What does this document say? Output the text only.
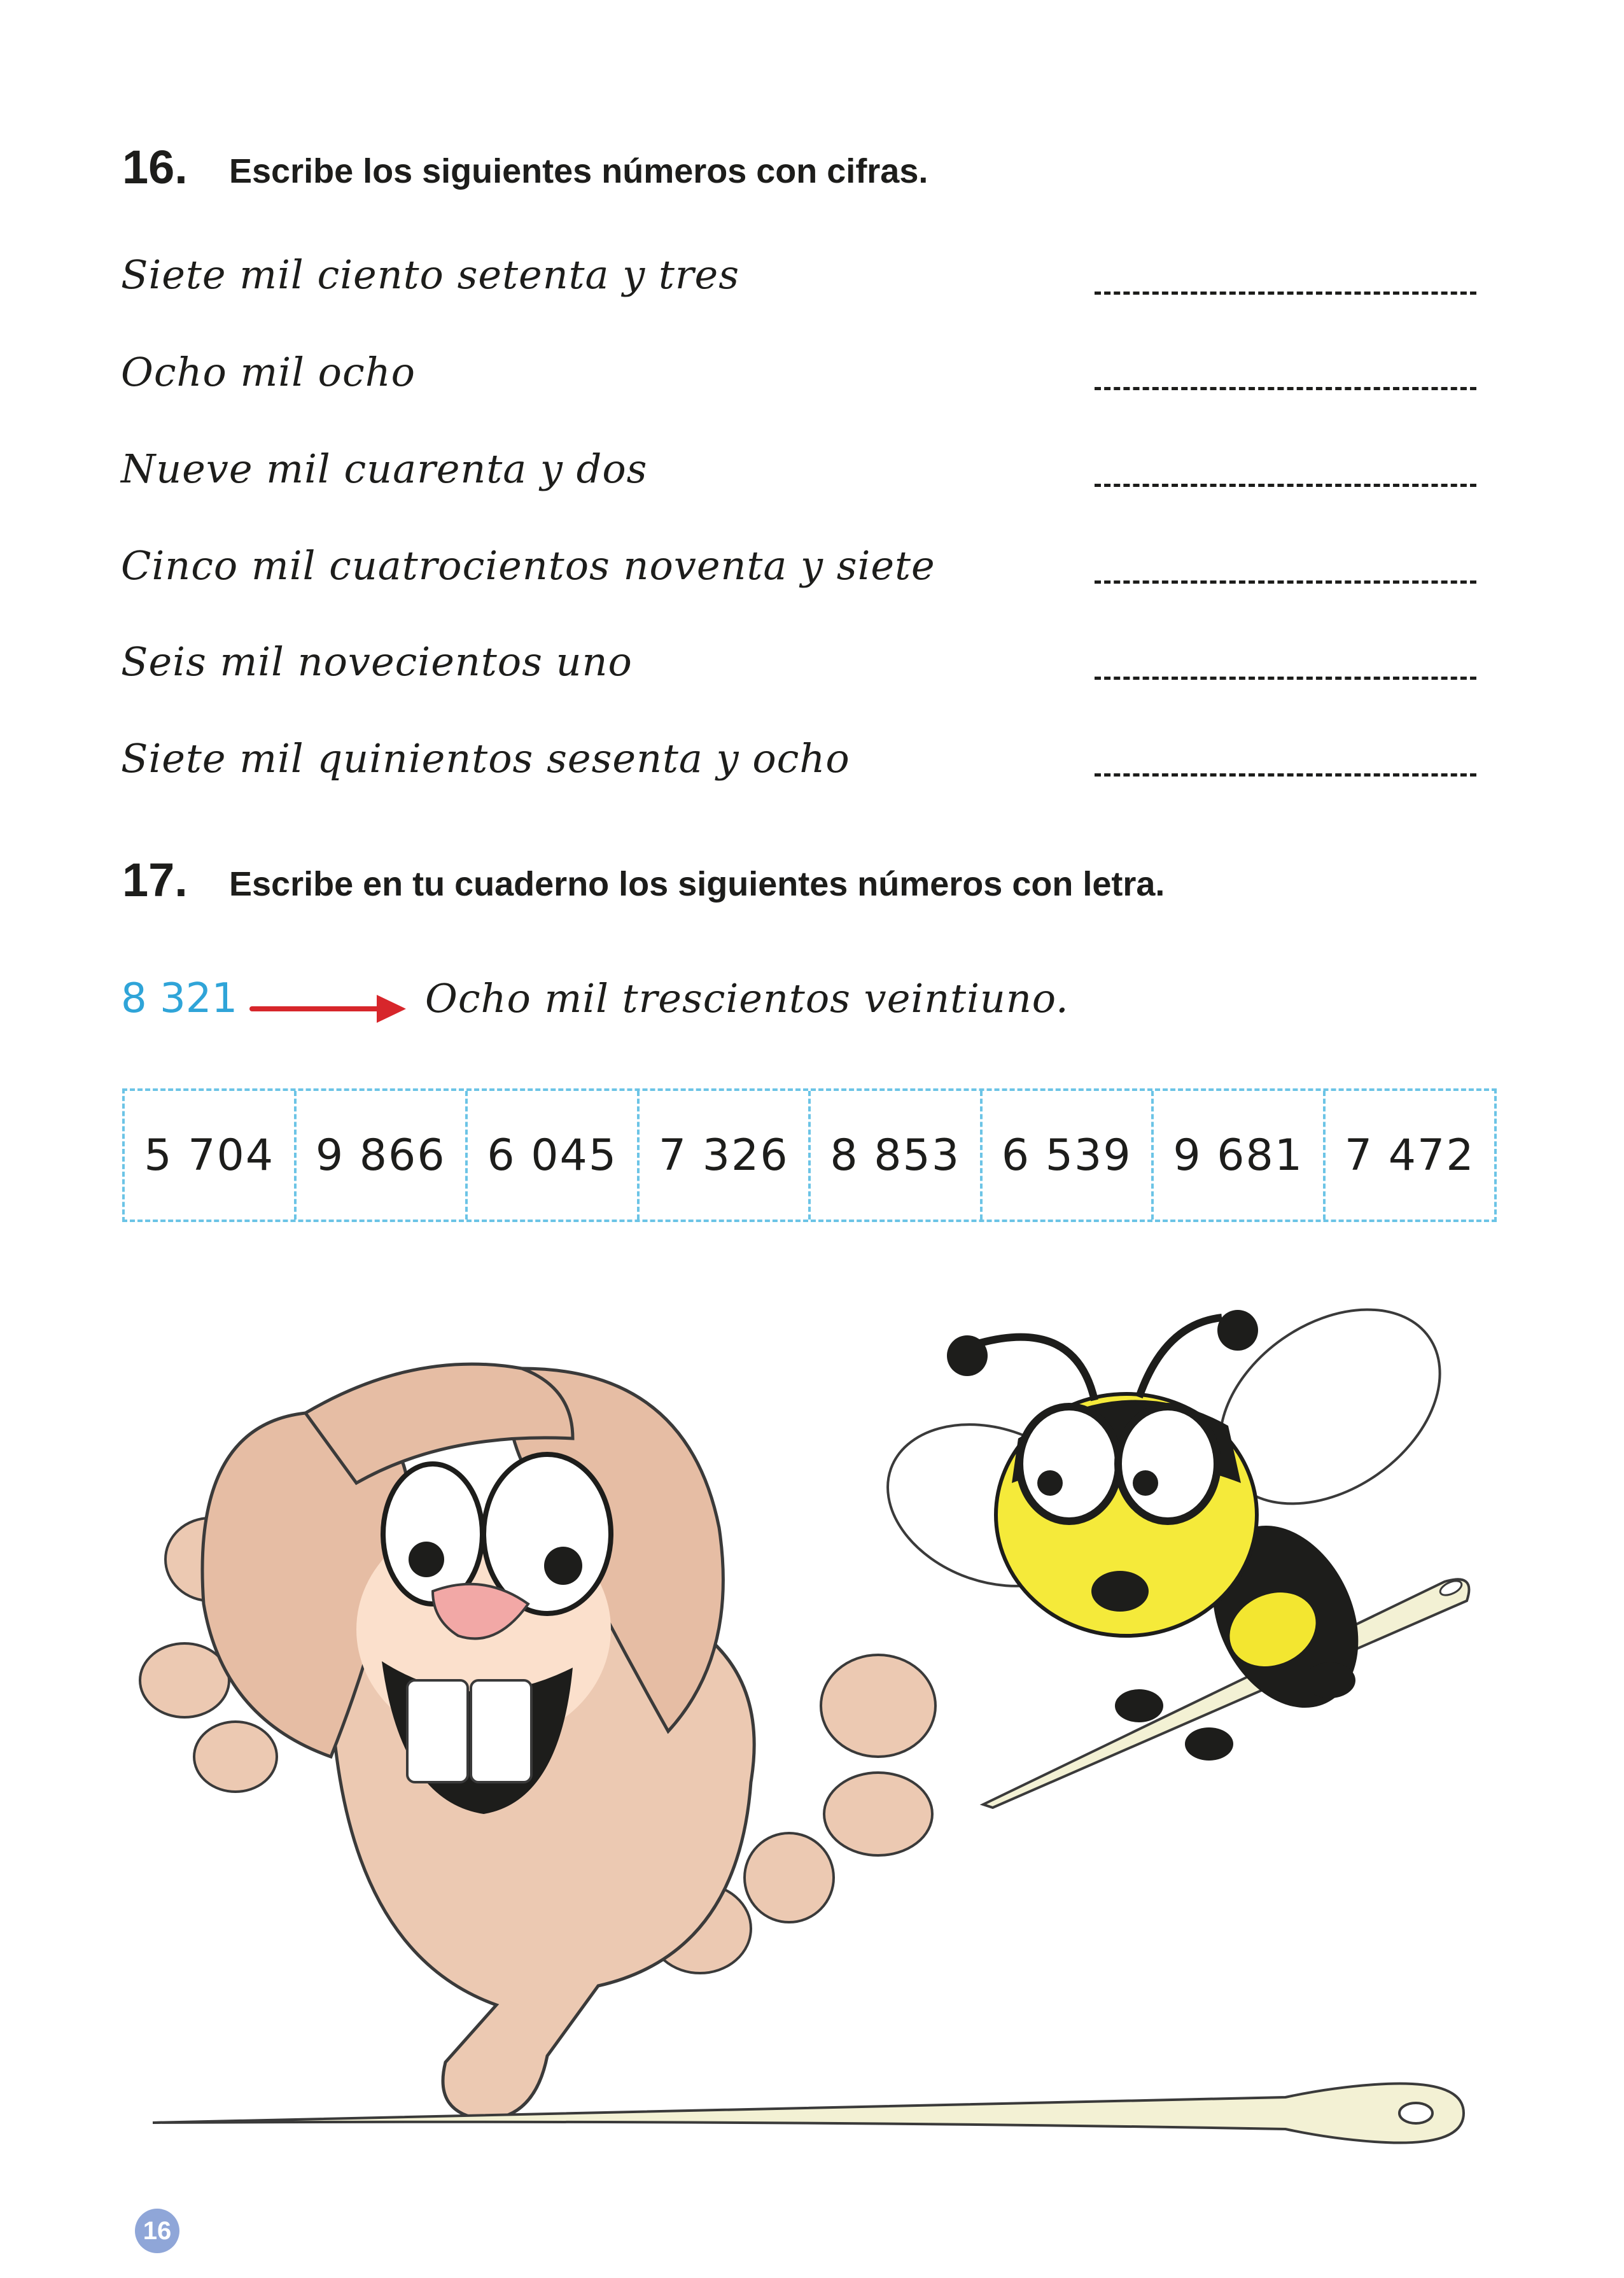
16. Escribe los siguientes números con cifras.
Siete mil ciento setenta y tres
Ocho mil ocho
Nueve mil cuarenta y dos
Cinco mil cuatrocientos noventa y siete
Seis mil novecientos uno
Siete mil quinientos sesenta y ocho
17. Escribe en tu cuaderno los siguientes números con letra.
8 321	Ocho mil trescientos veintiuno.
5 704 9 866 6 045 7 326 8 853 6 539 9 681 7 472
16
